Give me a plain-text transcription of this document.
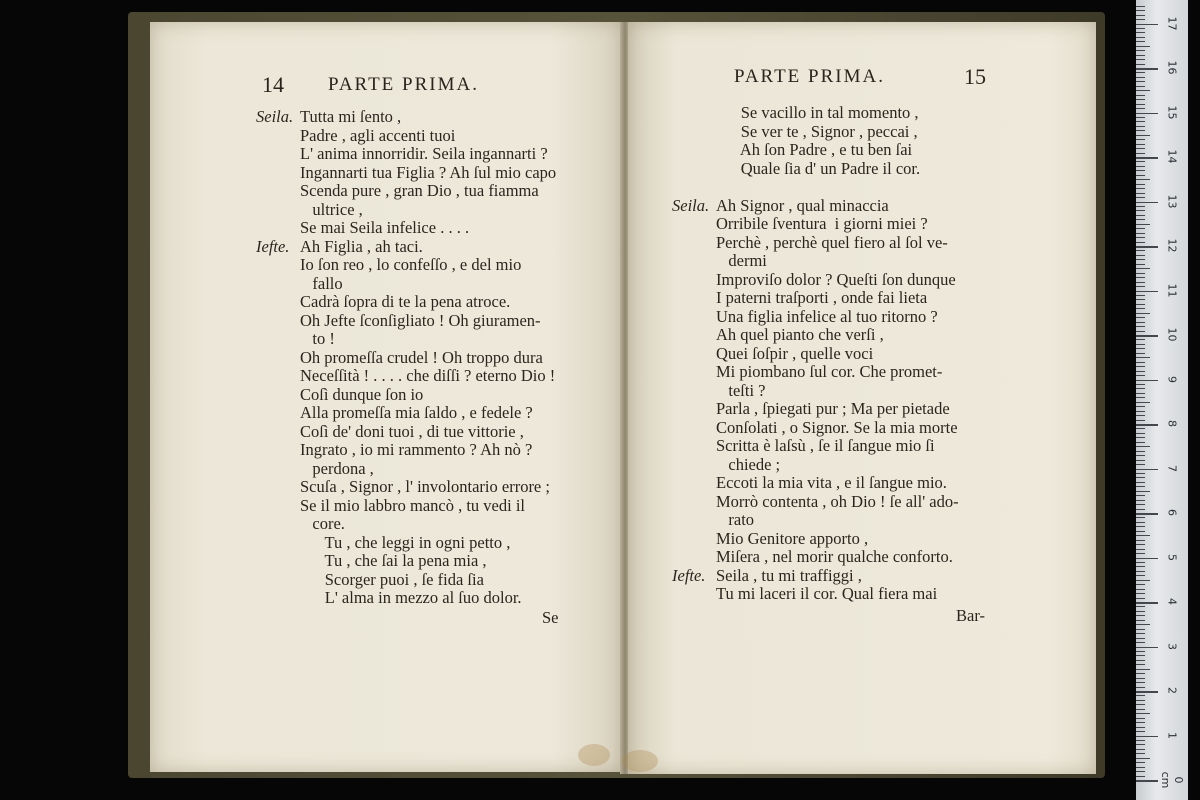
14 PARTE PRIMA.
Seila. Tutta mi ſento ,
Padre , agli accenti tuoi
L' anima innorridir. Seila ingannarti ?
Ingannarti tua Figlia ? Ah ſul mio capo
Scenda pure , gran Dio , tua fiamma
ultrice ,
Se mai Seila infelice . . . .
Iefte. Ah Figlia , ah taci.
Io ſon reo , lo confeſſo , e del mio
fallo
Cadrà ſopra di te la pena atroce.
Oh Jefte ſconſigliato ! Oh giuramen-
to !
Oh promeſſa crudel ! Oh troppo dura
Neceſſità ! . . . . che diſſi ? eterno Dio !
Coſì dunque ſon io
Alla promeſſa mia ſaldo , e fedele ?
Coſì de' doni tuoi , di tue vittorie ,
Ingrato , io mi rammento ? Ah nò ?
perdona ,
Scuſa , Signor , l' involontario errore ;
Se il mio labbro mancò , tu vedi il
core.
Tu , che leggi in ogni petto ,
Tu , che ſai la pena mia ,
Scorger puoi , ſe fida ſia
L' alma in mezzo al ſuo dolor.
Se
PARTE PRIMA.	15
Se vacillo in tal momento ,
Se ver te , Signor , peccai ,
Ah ſon Padre , e tu ben ſai
Quale ſia d' un Padre il cor.
Seila. Ah Signor , qual minaccia
Orribile ſventura  i giorni miei ?
Perchè , perchè quel fiero al ſol ve-
dermi
Improviſo dolor ? Queſti ſon dunque
I paterni traſporti , onde fai lieta
Una figlia infelice al tuo ritorno ?
Ah quel pianto che verſi ,
Quei ſoſpir , quelle voci
Mi piombano ſul cor. Che promet-
teſti ?
Parla , ſpiegati pur ; Ma per pietade
Conſolati , o Signor. Se la mia morte
Scritta è laſsù , ſe il ſangue mio ſi
chiede ;
Eccoti la mia vita , e il ſangue mio.
Morrò contenta , oh Dio ! ſe all' ado-
rato
Mio Genitore apporto ,
Miſera , nel morir qualche conforto.
Iefte. Seila , tu mi traffiggi ,
Tu mi laceri il cor. Qual fiera mai
Bar-
0 cm
1
2
3
4
5
6
7
8
9
10
11
12
13
14
15
16
17
